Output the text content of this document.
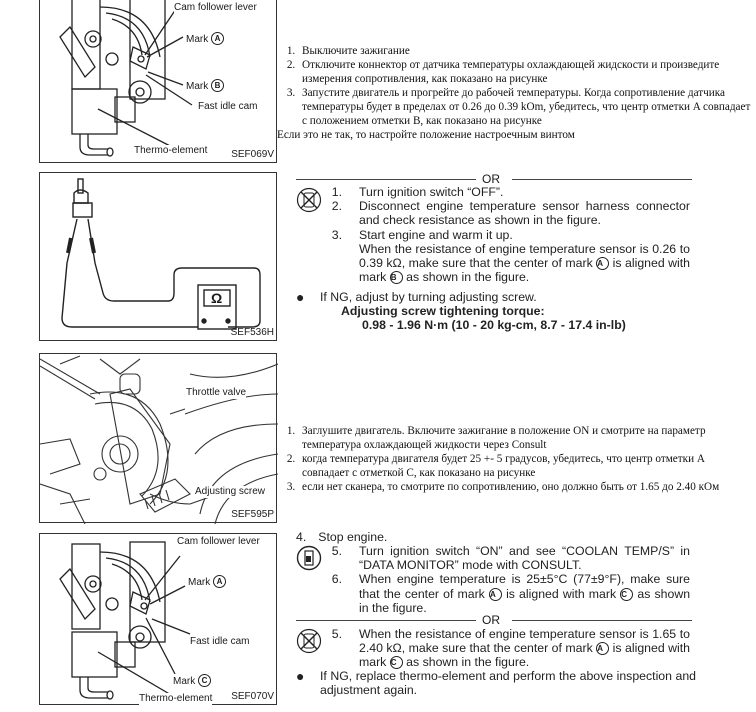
Cam follower lever
Mark A
Mark B
Fast idle cam
Thermo-element SEF069V
1. Выключите зажигание
2. Отключите коннектор от датчика температуры охлаждающей жидскости и произведите измерения сопротивления, как показано на рисунке
3. Запустите двигатель и прогрейте до рабочей температуры. Когда сопротивление датчика температуры будет в пределах от 0.26 до 0.39 kOm, убедитесь, что центр отметки A совпадает с положением отметки B, как показано на рисунке
Если это не так, то настройте положение настроечным винтом
Ω
SEF536H
OR
1. Turn ignition switch “OFF”.
2. Disconnect engine temperature sensor harness connector and check resistance as shown in the figure.
3. Start engine and warm it up.
When the resistance of engine temperature sensor is 0.26 to 0.39 kΩ, make sure that the center of mark A is aligned with mark B as shown in the figure.
● If NG, adjust by turning adjusting screw.
Adjusting screw tightening torque:
0.98 - 1.96 N·m (10 - 20 kg-cm, 8.7 - 17.4 in-lb)
Throttle valve
Adjusting screw
SEF595P
1. Заглушите двигатель. Включите зажигание в положение ON и смотрите на параметр температура охлаждающей жидкости через Consult
2. когда температура двигателя будет 25 +- 5 градусов, убедитесь, что центр отметки A совпадает с отметкой C, как показано на рисунке
3. если нет сканера, то смотрите по сопротивлению, оно должно быть от 1.65 до 2.40 кОм
Cam follower lever
Mark A
Fast idle cam
Mark C
Thermo-element SEF070V
4. Stop engine.
5. Turn ignition switch “ON” and see “COOLAN TEMP/S” in “DATA MONITOR” mode with CONSULT.
6. When engine temperature is 25±5°C (77±9°F), make sure that the center of mark A is aligned with mark C as shown in the figure.
OR
5. When the resistance of engine temperature sensor is 1.65 to 2.40 kΩ, make sure that the center of mark A is aligned with mark C as shown in the figure.
● If NG, replace thermo-element and perform the above inspection and adjustment again.
